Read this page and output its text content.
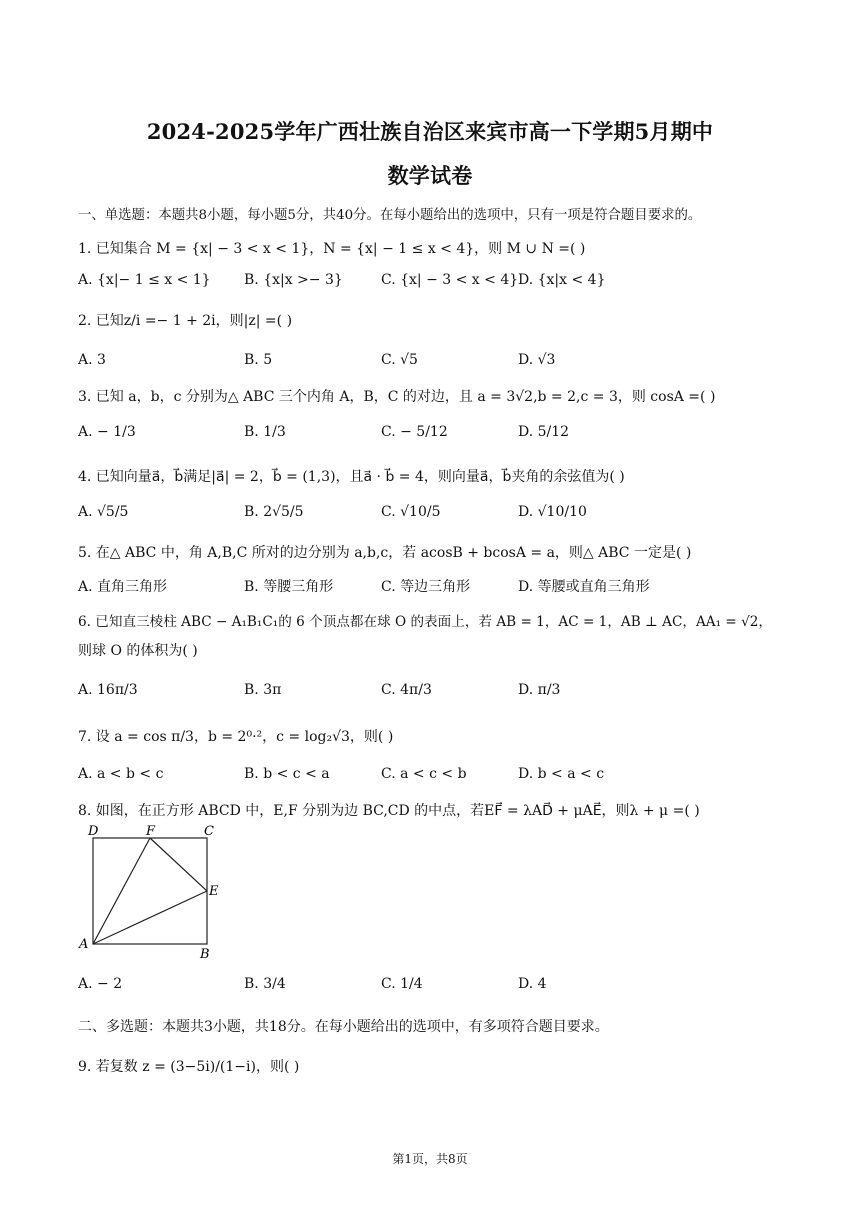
2024-2025学年广西壮族自治区来宾市高一下学期5月期中
数学试卷
一、单选题：本题共8小题，每小题5分，共40分。在每小题给出的选项中，只有一项是符合题目要求的。
1. 已知集合 M = {x| − 3 < x < 1}，N = {x| − 1 ≤ x < 4}，则 M ∪ N =( )
A. {x|− 1 ≤ x < 1} B. {x|x >− 3}	C. {x| − 3 < x < 4} D. {x|x < 4}
2. 已知z/i =− 1 + 2i，则|z| =( )
A. 3	B. 5	C. √5	D. √3
3. 已知 a，b，c 分别为△ ABC 三个内角 A，B，C 的对边，且 a = 3√2,b = 2,c = 3，则 cosA =( )
A. − 1/3	B. 1/3	C. − 5/12	D. 5/12
4. 已知向量a⃗，b⃗满足|a⃗| = 2，b⃗ = (1,3)，且a⃗ · b⃗ = 4，则向量a⃗，b⃗夹角的余弦值为( )
A. √5/5	B. 2√5/5	C. √10/5	D. √10/10
5. 在△ ABC 中，角 A,B,C 所对的边分别为 a,b,c，若 acosB + bcosA = a，则△ ABC 一定是( )
A. 直角三角形	B. 等腰三角形	C. 等边三角形	D. 等腰或直角三角形
6. 已知直三棱柱 ABC − A₁B₁C₁的 6 个顶点都在球 O 的表面上，若 AB = 1，AC = 1，AB ⊥ AC，AA₁ = √2，
则球 O 的体积为( )
A. 16π/3	B. 3π	C. 4π/3	D. π/3
7. 设 a = cos π/3，b = 2⁰·²，c = log₂√3，则( )
A. a < b < c	B. b < c < a	C. a < c < b	D. b < a < c
8. 如图，在正方形 ABCD 中，E,F 分别为边 BC,CD 的中点，若EF⃗ = λAD⃗ + μAE⃗，则λ + μ =( )
D	F	C
E
A
B
A. − 2	B. 3/4	C. 1/4	D. 4
二、多选题：本题共3小题，共18分。在每小题给出的选项中，有多项符合题目要求。
9. 若复数 z = (3−5i)/(1−i)，则( )
第1页，共8页
